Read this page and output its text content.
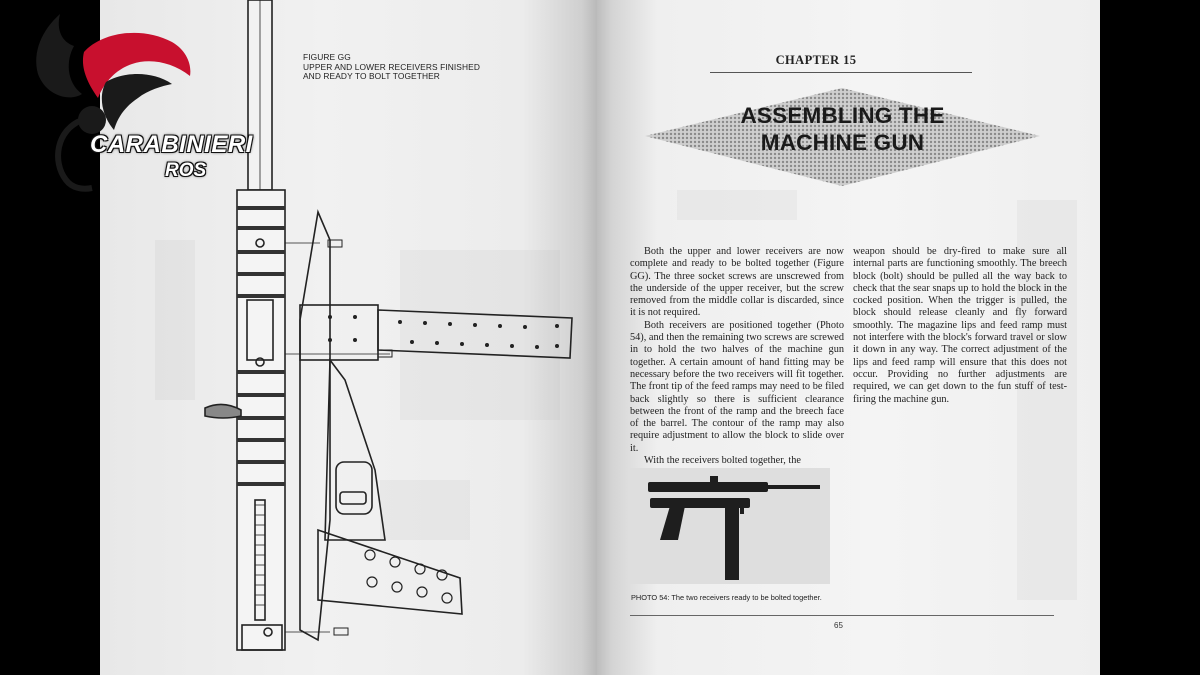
FIGURE GG
UPPER AND LOWER RECEIVERS FINISHED
AND READY TO BOLT TOGETHER
CHAPTER 15
ASSEMBLING THE
MACHINE GUN

Both the upper and lower receivers are now complete and ready to be bolted together (Figure GG). The three socket screws are unscrewed from the underside of the upper receiver, but the screw removed from the middle collar is discarded, since it is not required.

Both receivers are positioned together (Photo 54), and then the remaining two screws are screwed in to hold the two halves of the machine gun together. A certain amount of hand fitting may be necessary before the two receivers will fit together. The front tip of the feed ramps may need to be filed back slightly so there is sufficient clearance between the front of the ramp and the breech face of the barrel. The contour of the ramp may also require adjustment to allow the block to slide over it.

With the receivers bolted together, the

weapon should be dry-fired to make sure all internal parts are functioning smoothly. The breech block (bolt) should be pulled all the way back to check that the sear snaps up to hold the block in the cocked position. When the trigger is pulled, the block should release cleanly and fly forward smoothly. The magazine lips and feed ramp must not interfere with the block's forward travel or slow it down in any way. The correct adjustment of the lips and feed ramp will ensure that this does not occur. Providing no further adjustments are required, we can get down to the fun stuff of test-firing the machine gun.

PHOTO 54: The two receivers ready to be bolted together.
65
CARABINIERI
ROS
